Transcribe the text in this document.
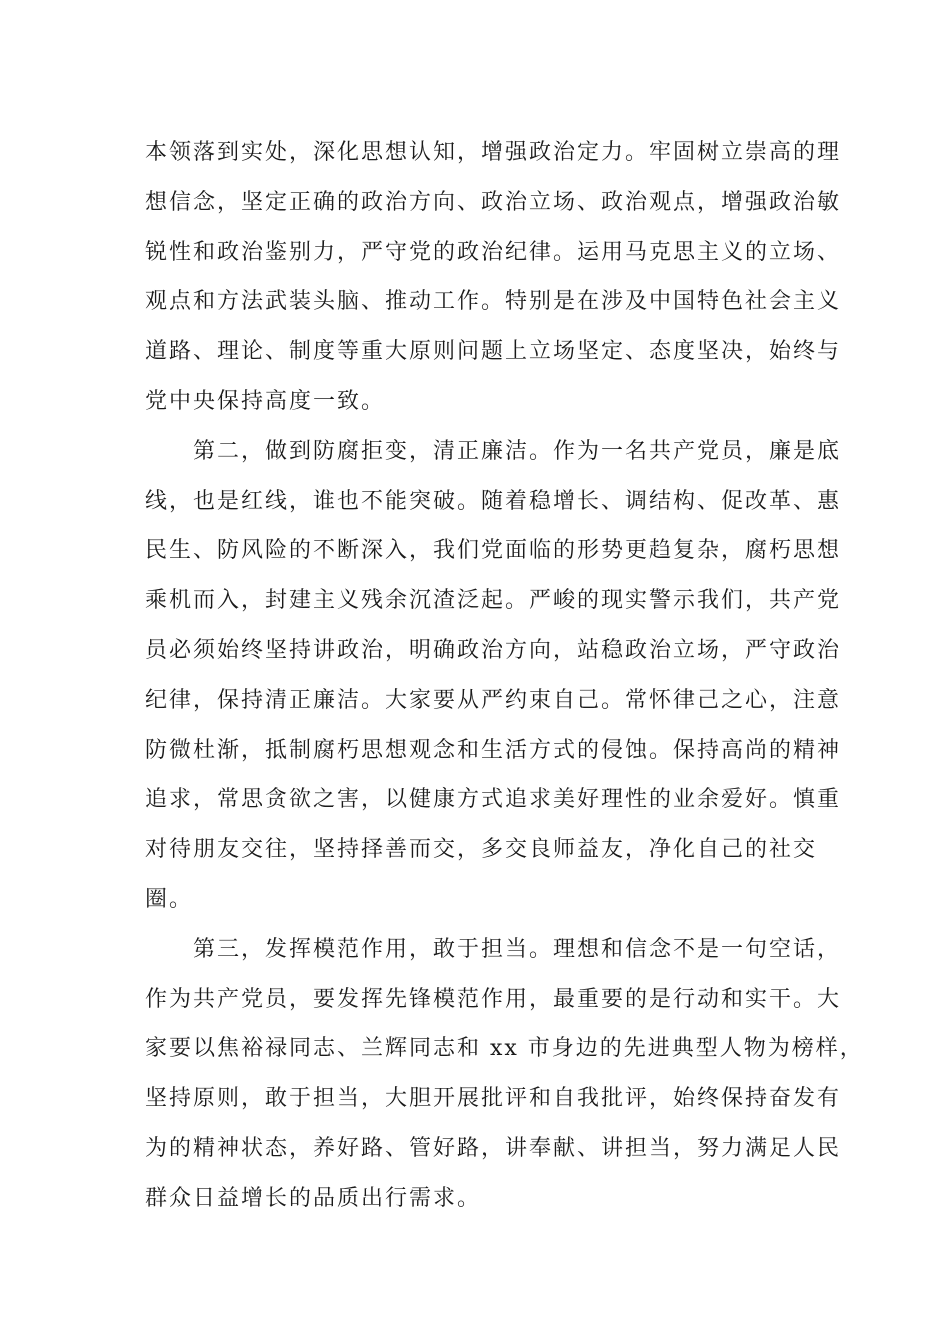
本领落到实处，深化思想认知，增强政治定力。牢固树立崇高的理
想信念，坚定正确的政治方向、政治立场、政治观点，增强政治敏
锐性和政治鉴别力，严守党的政治纪律。运用马克思主义的立场、
观点和方法武装头脑、推动工作。特别是在涉及中国特色社会主义
道路、理论、制度等重大原则问题上立场坚定、态度坚决，始终与
党中央保持高度一致。
第二，做到防腐拒变，清正廉洁。作为一名共产党员，廉是底
线，也是红线，谁也不能突破。随着稳增长、调结构、促改革、惠
民生、防风险的不断深入，我们党面临的形势更趋复杂，腐朽思想
乘机而入，封建主义残余沉渣泛起。严峻的现实警示我们，共产党
员必须始终坚持讲政治，明确政治方向，站稳政治立场，严守政治
纪律，保持清正廉洁。大家要从严约束自己。常怀律己之心，注意
防微杜渐，抵制腐朽思想观念和生活方式的侵蚀。保持高尚的精神
追求，常思贪欲之害，以健康方式追求美好理性的业余爱好。慎重
对待朋友交往，坚持择善而交，多交良师益友，净化自己的社交
圈。
第三，发挥模范作用，敢于担当。理想和信念不是一句空话，
作为共产党员，要发挥先锋模范作用，最重要的是行动和实干。大
家要以焦裕禄同志、兰辉同志和 xx 市身边的先进典型人物为榜样，
坚持原则，敢于担当，大胆开展批评和自我批评，始终保持奋发有
为的精神状态，养好路、管好路，讲奉献、讲担当，努力满足人民
群众日益增长的品质出行需求。
